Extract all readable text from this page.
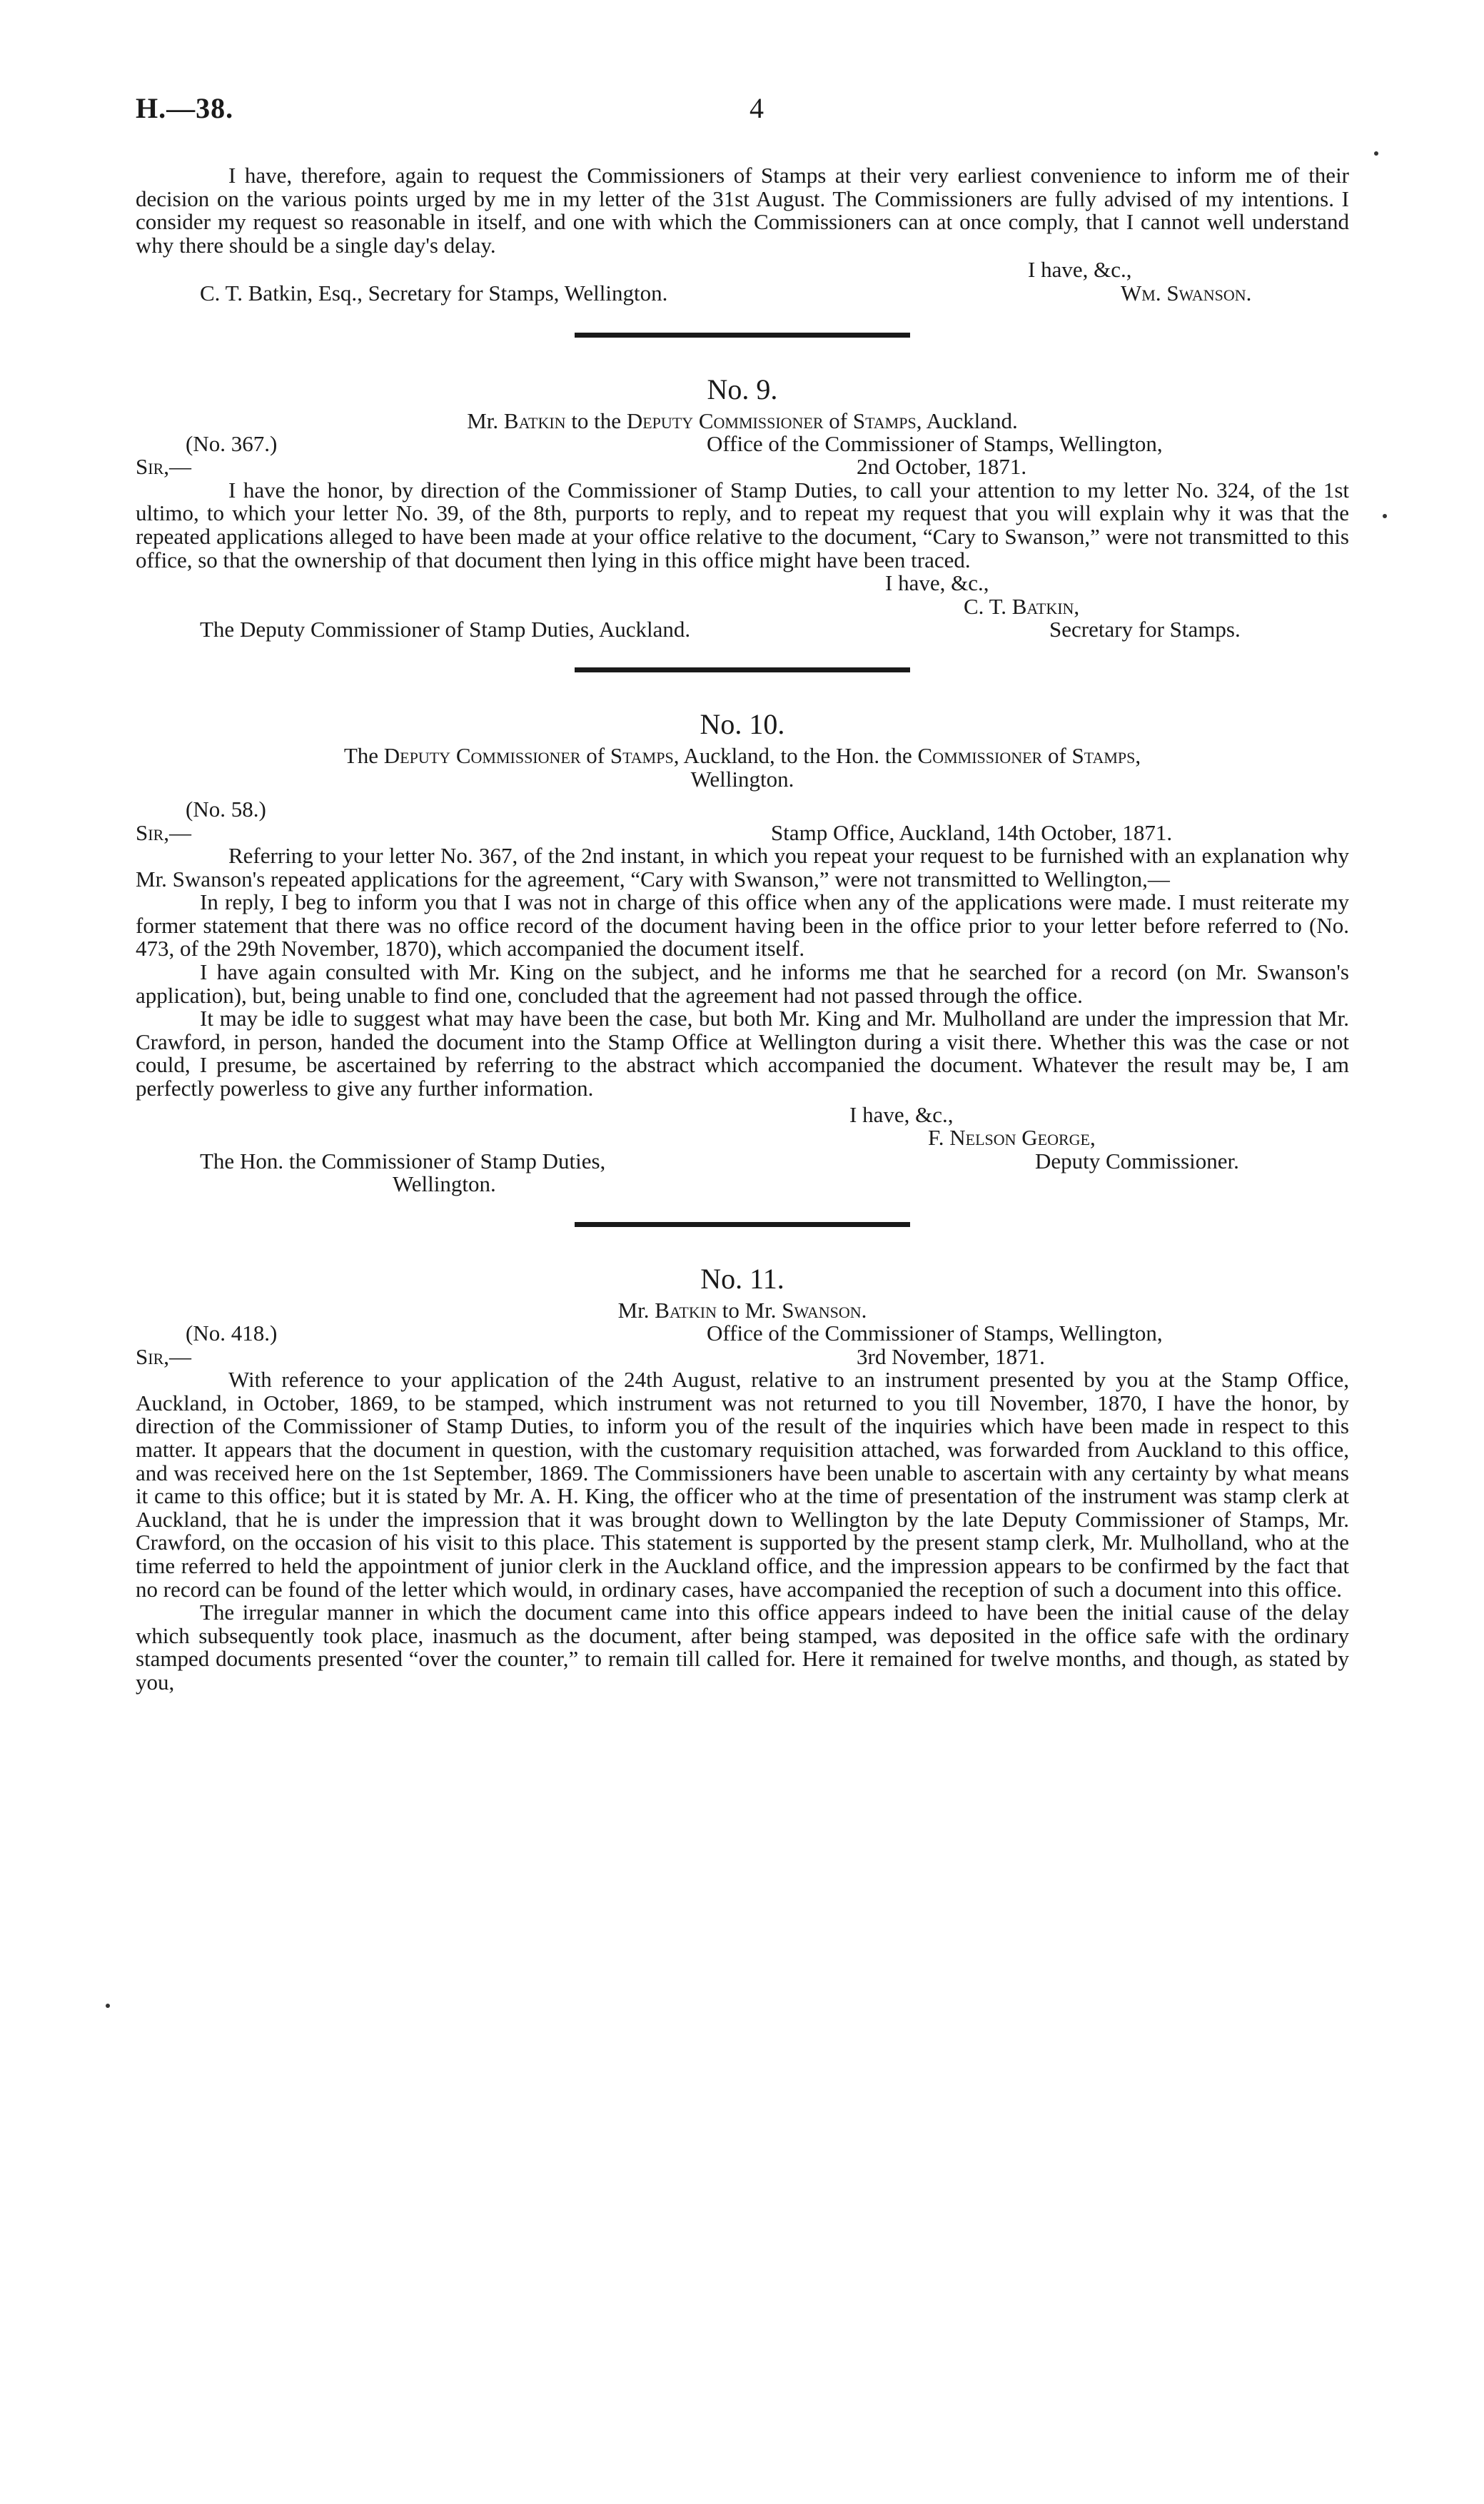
H.—38.	4

I have, therefore, again to request the Commissioners of Stamps at their very earliest convenience to inform me of their decision on the various points urged by me in my letter of the 31st August. The Commissioners are fully advised of my intentions. I consider my request so reasonable in itself, and one with which the Commissioners can at once comply, that I cannot well understand why there should be a single day's delay.

I have, &c.,
C. T. Batkin, Esq., Secretary for Stamps, Wellington.	Wm. Swanson.
No. 9.
Mr. Batkin to the Deputy Commissioner of Stamps, Auckland.
(No. 367.)	Office of the Commissioner of Stamps, Wellington,
Sir,—	2nd October, 1871.

I have the honor, by direction of the Commissioner of Stamp Duties, to call your attention to my letter No. 324, of the 1st ultimo, to which your letter No. 39, of the 8th, purports to reply, and to repeat my request that you will explain why it was that the repeated applications alleged to have been made at your office relative to the document, “Cary to Swanson,” were not transmitted to this office, so that the ownership of that document then lying in this office might have been traced.

I have, &c.,
C. T. Batkin,
The Deputy Commissioner of Stamp Duties, Auckland.	Secretary for Stamps.
No. 10.
The Deputy Commissioner of Stamps, Auckland, to the Hon. the Commissioner of Stamps,
Wellington.
(No. 58.)
Sir,—	Stamp Office, Auckland, 14th October, 1871.

Referring to your letter No. 367, of the 2nd instant, in which you repeat your request to be furnished with an explanation why Mr. Swanson's repeated applications for the agreement, “Cary with Swanson,” were not transmitted to Wellington,—

In reply, I beg to inform you that I was not in charge of this office when any of the applications were made. I must reiterate my former statement that there was no office record of the document having been in the office prior to your letter before referred to (No. 473, of the 29th November, 1870), which accompanied the document itself.

I have again consulted with Mr. King on the subject, and he informs me that he searched for a record (on Mr. Swanson's application), but, being unable to find one, concluded that the agreement had not passed through the office.

It may be idle to suggest what may have been the case, but both Mr. King and Mr. Mulholland are under the impression that Mr. Crawford, in person, handed the document into the Stamp Office at Wellington during a visit there. Whether this was the case or not could, I presume, be ascertained by referring to the abstract which accompanied the document. Whatever the result may be, I am perfectly powerless to give any further information.

I have, &c.,
F. Nelson George,
The Hon. the Commissioner of Stamp Duties,	Deputy Commissioner.
Wellington.
No. 11.
Mr. Batkin to Mr. Swanson.
(No. 418.)	Office of the Commissioner of Stamps, Wellington,
Sir,—	3rd November, 1871.

With reference to your application of the 24th August, relative to an instrument presented by you at the Stamp Office, Auckland, in October, 1869, to be stamped, which instrument was not returned to you till November, 1870, I have the honor, by direction of the Commissioner of Stamp Duties, to inform you of the result of the inquiries which have been made in respect to this matter. It appears that the document in question, with the customary requisition attached, was forwarded from Auckland to this office, and was received here on the 1st September, 1869. The Commissioners have been unable to ascertain with any certainty by what means it came to this office; but it is stated by Mr. A. H. King, the officer who at the time of presentation of the instrument was stamp clerk at Auckland, that he is under the impression that it was brought down to Wellington by the late Deputy Commissioner of Stamps, Mr. Crawford, on the occasion of his visit to this place. This statement is supported by the present stamp clerk, Mr. Mulholland, who at the time referred to held the appointment of junior clerk in the Auckland office, and the impression appears to be confirmed by the fact that no record can be found of the letter which would, in ordinary cases, have accompanied the reception of such a document into this office.

The irregular manner in which the document came into this office appears indeed to have been the initial cause of the delay which subsequently took place, inasmuch as the document, after being stamped, was deposited in the office safe with the ordinary stamped documents presented “over the counter,” to remain till called for. Here it remained for twelve months, and though, as stated by you,
